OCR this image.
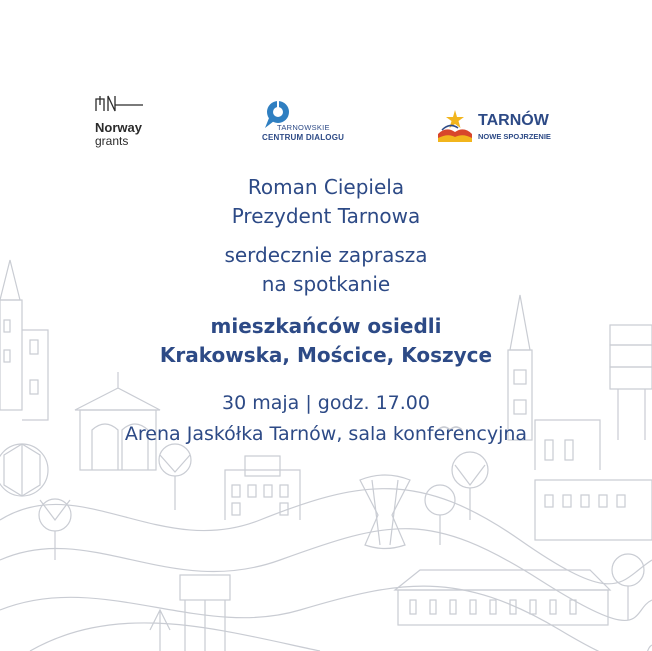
Norway
grants
TARNOWSKIE
CENTRUM DIALOGU
TARNÓW
NOWE SPOJRZENIE
Roman Ciepiela
Prezydent Tarnowa
serdecznie zaprasza
na spotkanie
mieszkańców osiedli
Krakowska, Mościce, Koszyce
30 maja | godz. 17.00
Arena Jaskółka Tarnów, sala konferencyjna
